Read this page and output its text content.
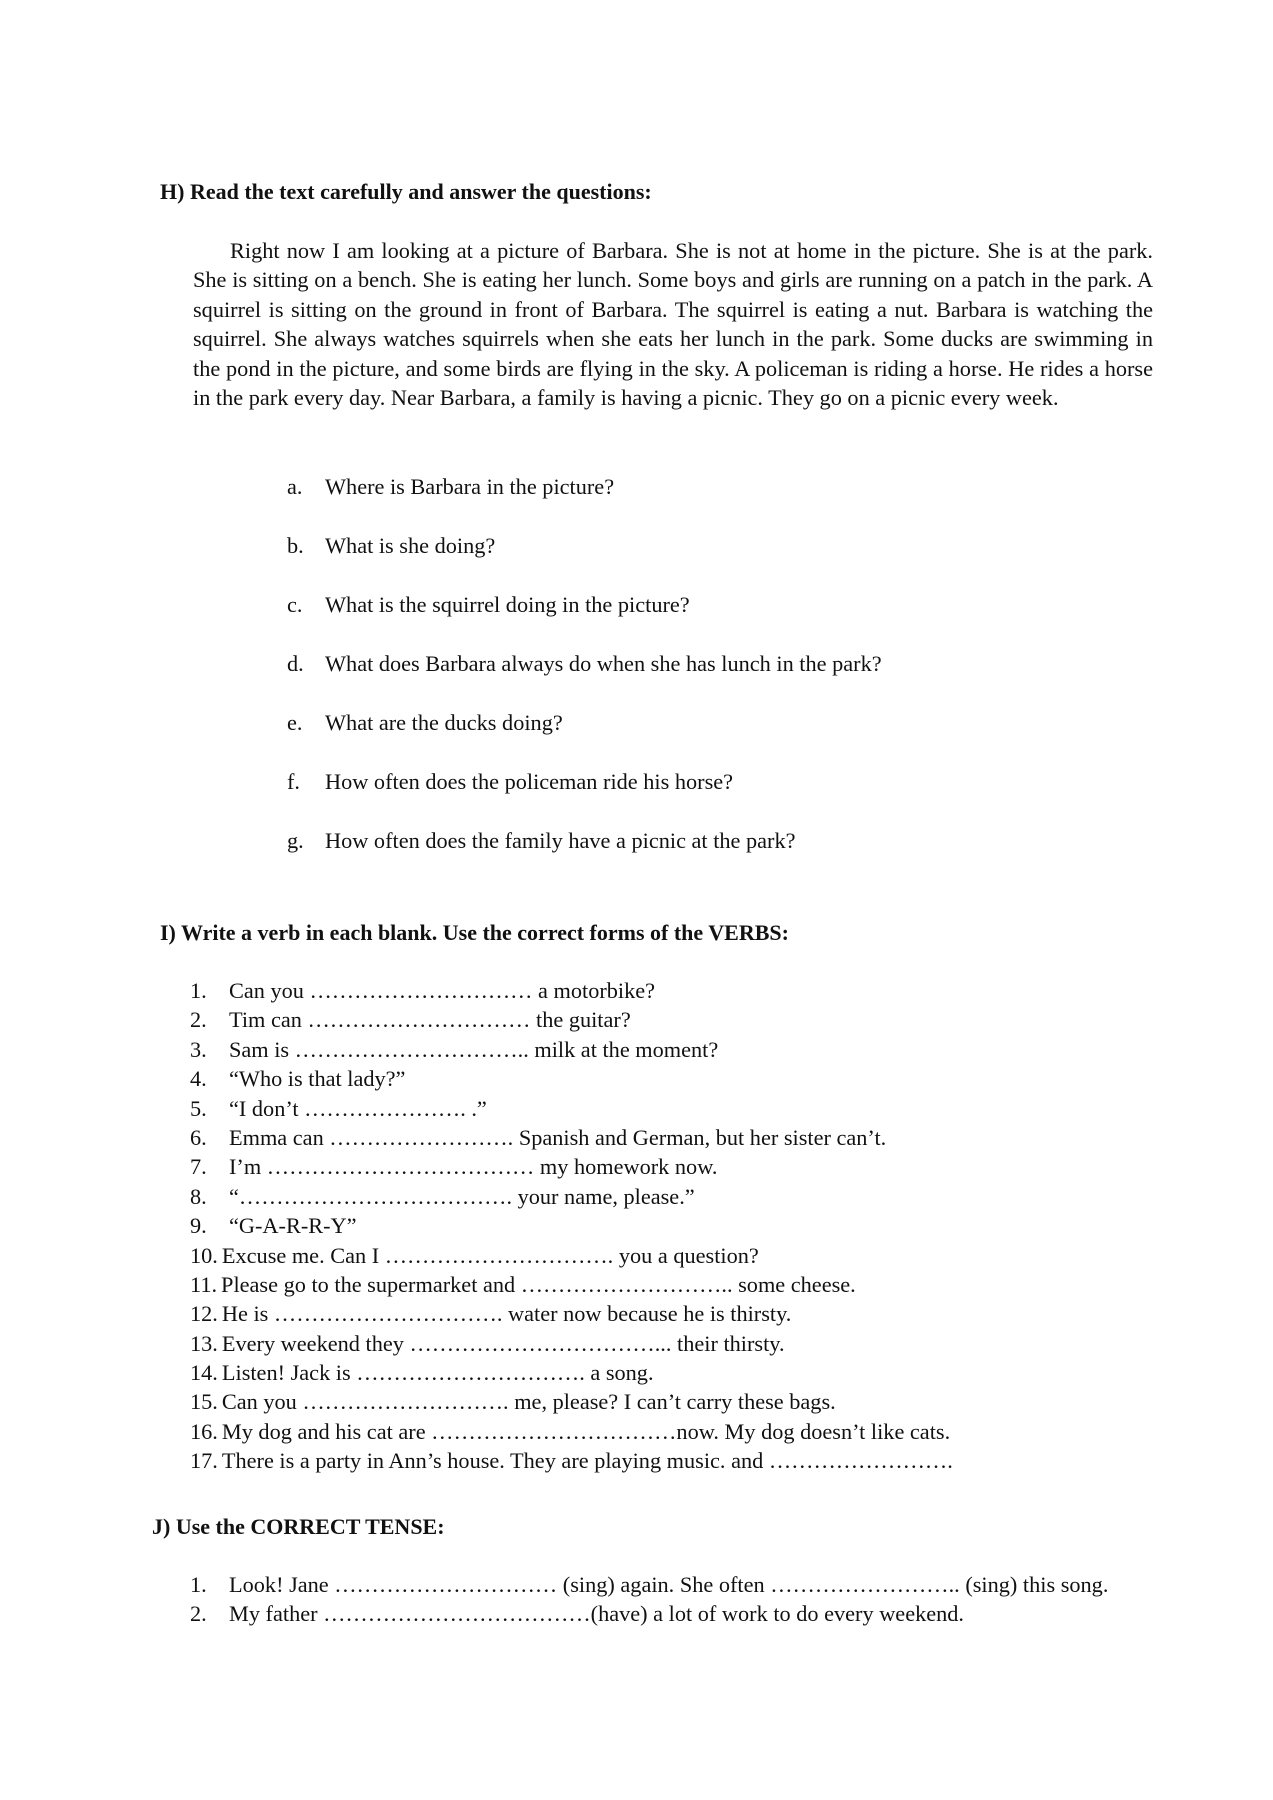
H) Read the text carefully and answer the questions:

Right now I am looking at a picture of Barbara. She is not at home in the picture. She is at the park. She is sitting on a bench. She is eating her lunch. Some boys and girls are running on a patch in the park. A squirrel is sitting on the ground in front of Barbara. The squirrel is eating a nut. Barbara is watching the squirrel. She always watches squirrels when she eats her lunch in the park. Some ducks are swimming in the pond in the picture, and some birds are flying in the sky. A policeman is riding a horse. He rides a horse in the park every day. Near Barbara, a family is having a picnic. They go on a picnic every week.

a.	Where is Barbara in the picture?
b. What is she doing?
c.	What is the squirrel doing in the picture?
d. What does Barbara always do when she has lunch in the park?
e.	What are the ducks doing?
f.	How often does the policeman ride his horse?
g. How often does the family have a picnic at the park?
I) Write a verb in each blank. Use the correct forms of the VERBS:
1. Can you ………………………… a motorbike?
2. Tim can ………………………… the guitar?
3. Sam is ………………………….. milk at the moment?
4. “Who is that lady?”
5. “I don’t …………………. .”
6. Emma can ……………………. Spanish and German, but her sister can’t.
7. I’m ……………………………… my homework now.
8. “………………………………. your name, please.”
9. “G-A-R-R-Y”
10. Excuse me. Can I …………………………. you a question?
11. Please go to the supermarket and ……………………….. some cheese.
12. He is …………………………. water now because he is thirsty.
13. Every weekend they ……………………………... their thirsty.
14. Listen! Jack is …………………………. a song.
15. Can you ………………………. me, please? I can’t carry these bags.
16. My dog and his cat are ……………………………now. My dog doesn’t like cats.
17. There is a party in Ann’s house. They are playing music. and …………………….
J) Use the CORRECT TENSE:
1. Look! Jane ………………………… (sing) again. She often …………………….. (sing) this song.
2. My father ………………………………(have) a lot of work to do every weekend.
